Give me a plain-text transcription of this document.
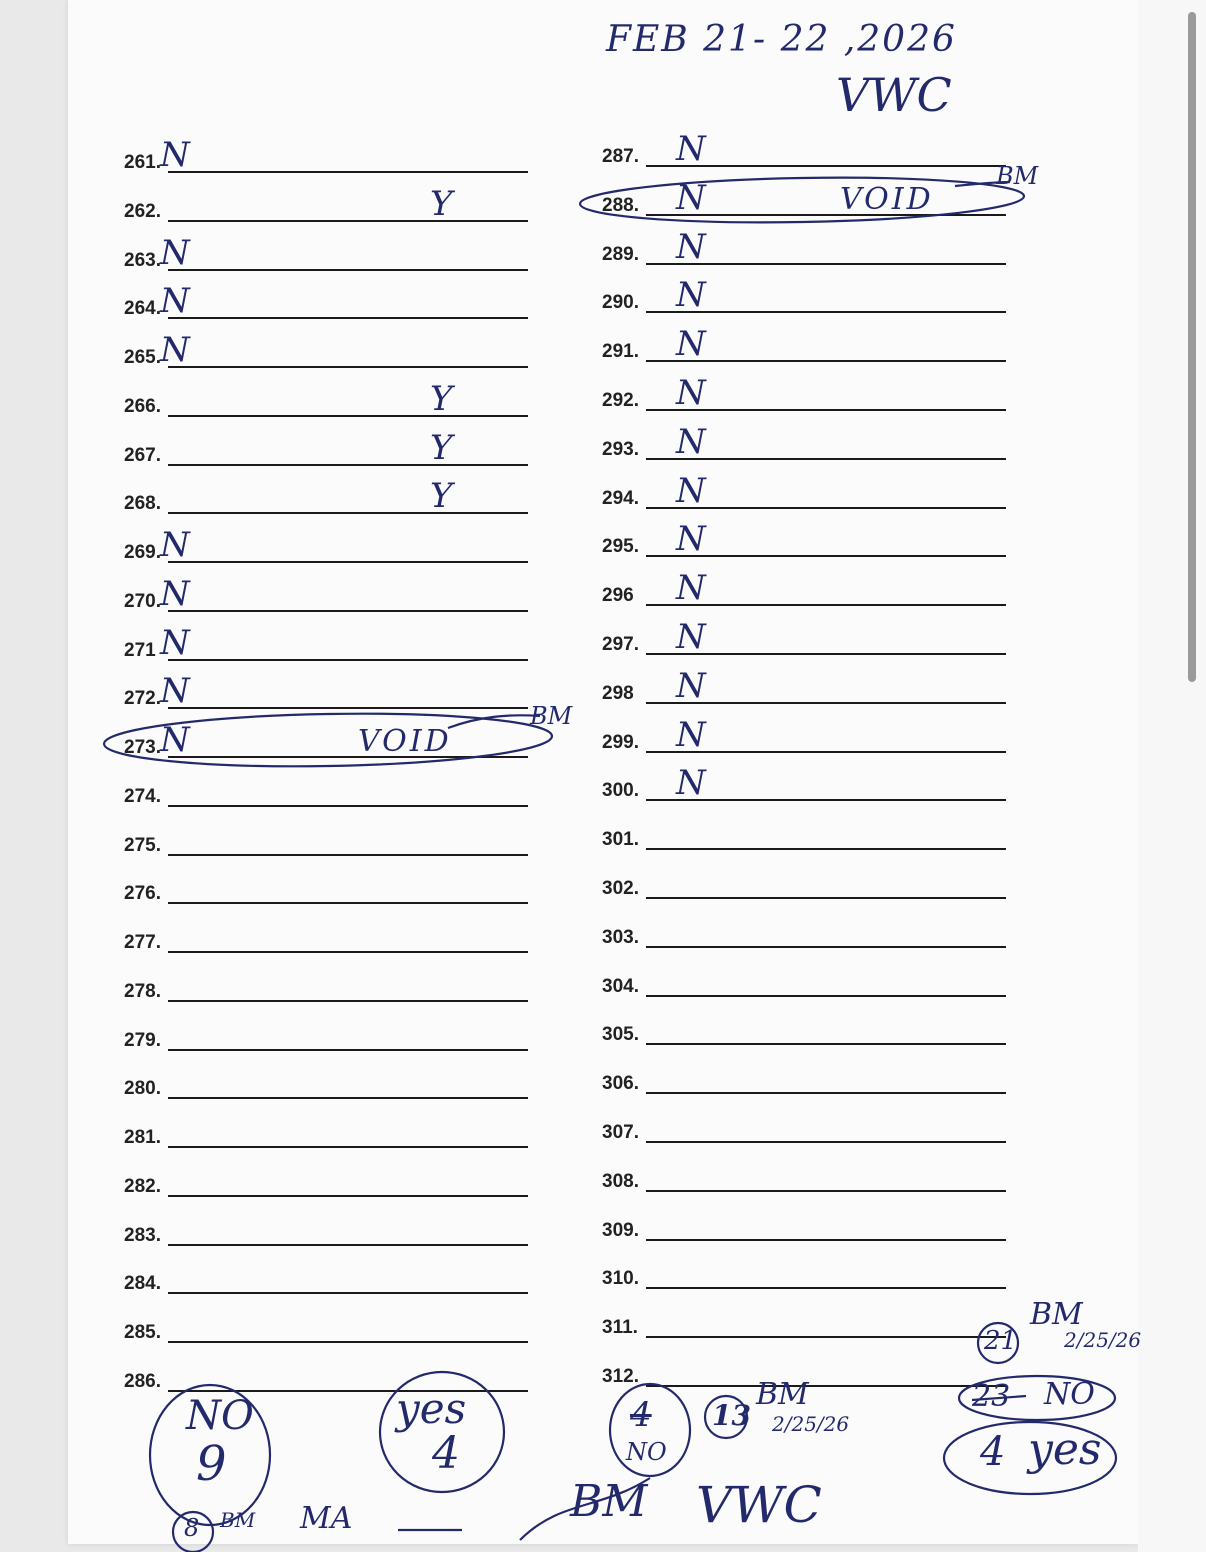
FEB 21- 22 ,2026
VWC
261. N
262.	Y
263. N
264. N
265. N
266.	Y
267.	Y
268.	Y
269. N
270. N
271 N
272. N
273. N	VOID
274.
275.
276.
277.
278.
279.
280.
281.
282.
283.
284.
285.
286.
287. N
288. N	VOID
289. N
290. N
291. N
292. N
293. N
294. N
295. N
296 N
297. N
298 N
299. N
300. N
301.
302.
303.
304.
305.
306.
307.
308.
309.
310.
311.
312.
BM
BM
NO
9
yes
4
4
NO
13
BM
2/25/26
21
BM
2/25/26
23 NO
4 yes
8 BM MA	BM VWC
